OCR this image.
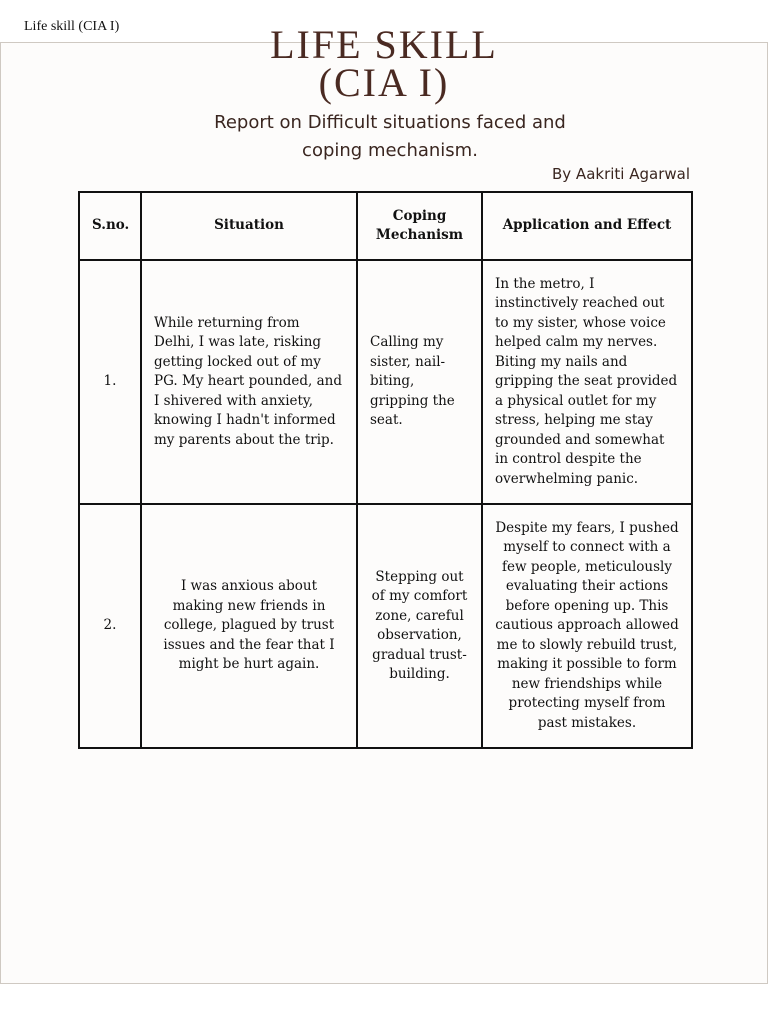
Life skill (CIA I)	LIFE SKILL
(CIA I)
Report on Difficult situations faced and
coping mechanism.
By Aakriti Agarwal
S.no.	Situation	Coping Mechanism	Application and Effect
1.	While returning from Delhi, I was late, risking getting locked out of my PG. My heart pounded, and I shivered with anxiety, knowing I hadn't informed my parents about the trip.	Calling my sister, nail-biting, gripping the seat.	In the metro, I instinctively reached out to my sister, whose voice helped calm my nerves. Biting my nails and gripping the seat provided a physical outlet for my stress, helping me stay grounded and somewhat in control despite the overwhelming panic.
2.	I was anxious about making new friends in college, plagued by trust issues and the fear that I might be hurt again.	Stepping out of my comfort zone, careful observation, gradual trust-building.	Despite my fears, I pushed myself to connect with a few people, meticulously evaluating their actions before opening up. This cautious approach allowed me to slowly rebuild trust, making it possible to form new friendships while protecting myself from past mistakes.
